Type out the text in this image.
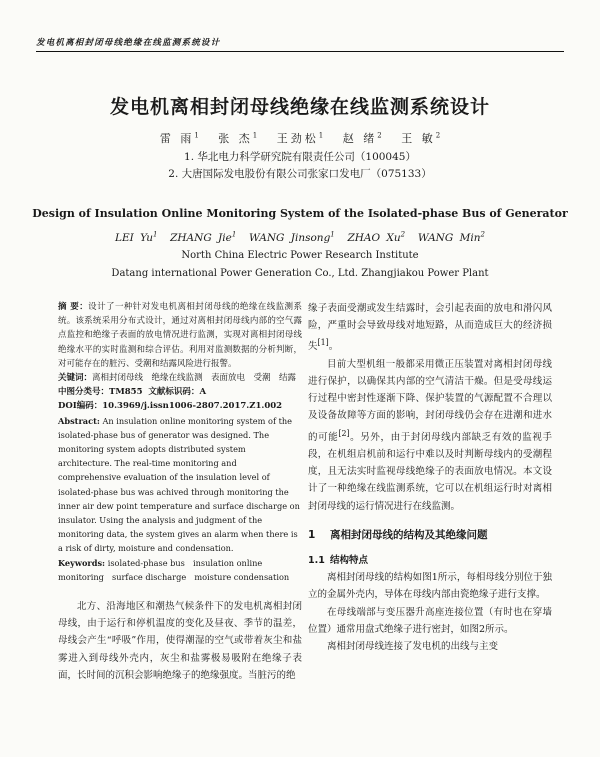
发电机离相封闭母线绝缘在线监测系统设计
发电机离相封闭母线绝缘在线监测系统设计
雷 雨$^1$ 张 杰$^1$ 王劲松$^1$ 赵 绪$^2$ 王 敏$^2$
1. 华北电力科学研究院有限责任公司（100045）
2. 大唐国际发电股份有限公司张家口发电厂（075133）
Design of Insulation Online Monitoring System of the Isolated-phase Bus of Generator
LEI Yu$^1$ ZHANG Jie$^1$ WANG Jinsong$^1$ ZHAO Xu$^2$ WANG Min$^2$
North China Electric Power Research Institute
Datang international Power Generation Co., Ltd. Zhangjiakou Power Plant

摘 要：设计了一种针对发电机离相封闭母线的绝缘在线监测系统。该系统采用分布式设计，通过对离相封闭母线内部的空气露点监控和绝缘子表面的放电情况进行监测，实现对离相封闭母线绝缘水平的实时监测和综合评估。利用对监测数据的分析判断，对可能存在的脏污、受潮和结露风险进行报警。

关键词：离相封闭母线　绝缘在线监测　表面放电　受潮　结露

中图分类号：TM855 文献标识码：A

DOI编码：10.3969/j.issn1006-2807.2017.Z1.002

Abstract: An insulation online monitoring system of the isolated-phase bus of generator was designed. The monitoring system adopts distributed system architecture. The real-time monitoring and comprehensive evaluation of the insulation level of isolated-phase bus was achived through monitoring the inner air dew point temperature and surface discharge on insulator. Using the analysis and judgment of the monitoring data, the system gives an alarm when there is a risk of dirty, moisture and condensation.

Keywords: isolated-phase bus　insulation online monitoring　surface discharge　moisture condensation

北方、沿海地区和潮热气候条件下的发电机离相封闭母线，由于运行和停机温度的变化及昼夜、季节的温差，母线会产生“呼吸”作用，使得潮湿的空气或带着灰尘和盐雾进入到母线外壳内，灰尘和盐雾极易吸附在绝缘子表面，长时间的沉积会影响绝缘子的绝缘强度。当脏污的绝

缘子表面受潮或发生结露时，会引起表面的放电和滑闪风险，严重时会导致母线对地短路，从而造成巨大的经济损失[1]。

目前大型机组一般都采用微正压装置对离相封闭母线进行保护，以确保其内部的空气清洁干燥。但是受母线运行过程中密封性逐渐下降、保护装置的气源配置不合理以及设备故障等方面的影响，封闭母线仍会存在进潮和进水的可能[2]。另外，由于封闭母线内部缺乏有效的监视手段，在机组启机前和运行中难以及时判断母线内的受潮程度，且无法实时监视母线绝缘子的表面放电情况。本文设计了一种绝缘在线监测系统，它可以在机组运行时对离相封闭母线的运行情况进行在线监测。

1 离相封闭母线的结构及其绝缘问题
1.1 结构特点

离相封闭母线的结构如图1所示，每相母线分别位于独立的金属外壳内，导体在母线内部由瓷绝缘子进行支撑。

在母线端部与变压器升高座连接位置（有时也在穿墙位置）通常用盘式绝缘子进行密封，如图2所示。

离相封闭母线连接了发电机的出线与主变
